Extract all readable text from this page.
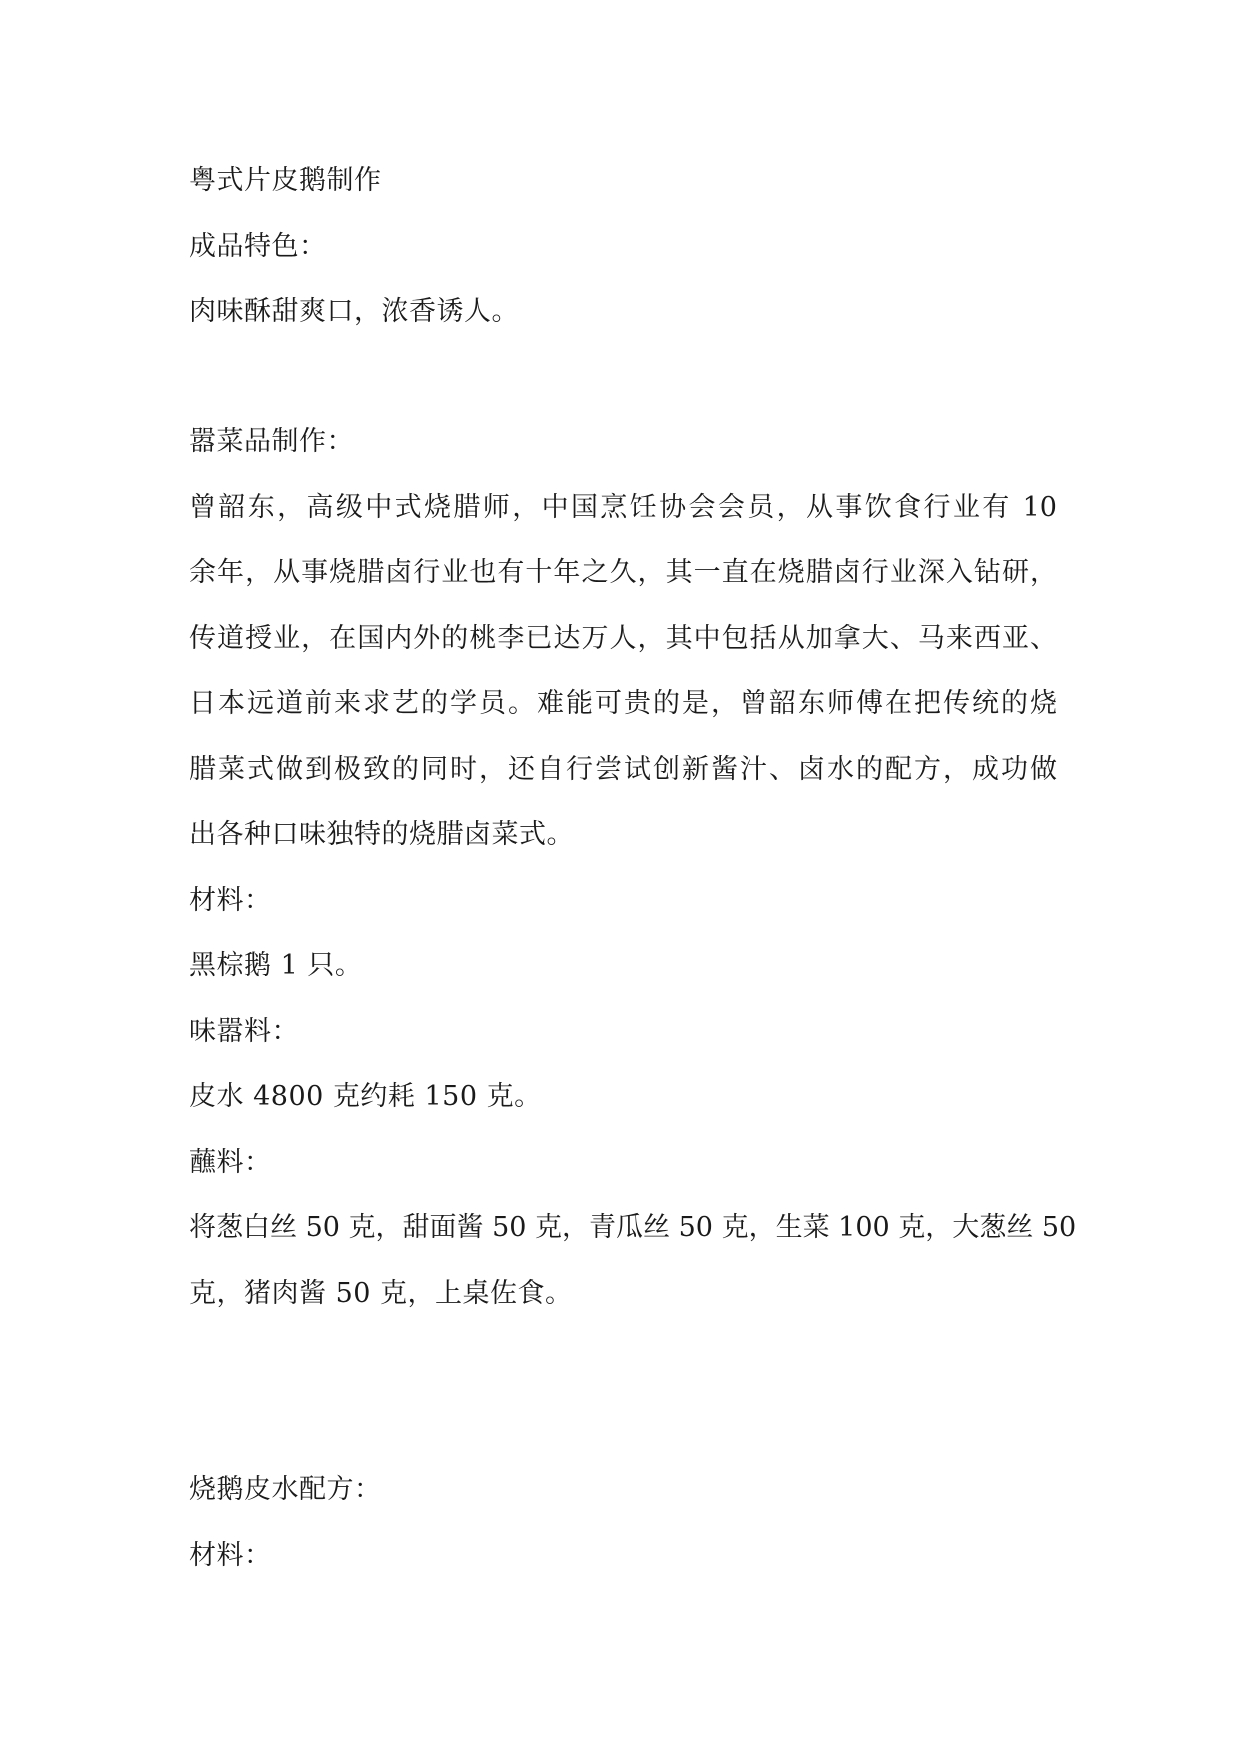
粤式片皮鹅制作

成品特色：

肉味酥甜爽口，浓香诱人。

嚣菜品制作：

曾韶东，高级中式烧腊师，中国烹饪协会会员，从事饮食行业有 10

余年，从事烧腊卤行业也有十年之久，其一直在烧腊卤行业深入钻研，

传道授业，在国内外的桃李已达万人，其中包括从加拿大、马来西亚、

日本远道前来求艺的学员。难能可贵的是，曾韶东师傅在把传统的烧

腊菜式做到极致的同时，还自行尝试创新酱汁、卤水的配方，成功做

出各种口味独特的烧腊卤菜式。

材料：

黑棕鹅 1 只。

味嚣料：

皮水 4800 克约耗 150 克。

蘸料：

将葱白丝 50 克，甜面酱 50 克，青瓜丝 50 克，生菜 100 克，大葱丝 50

克，猪肉酱 50 克，上桌佐食。

烧鹅皮水配方：

材料：
